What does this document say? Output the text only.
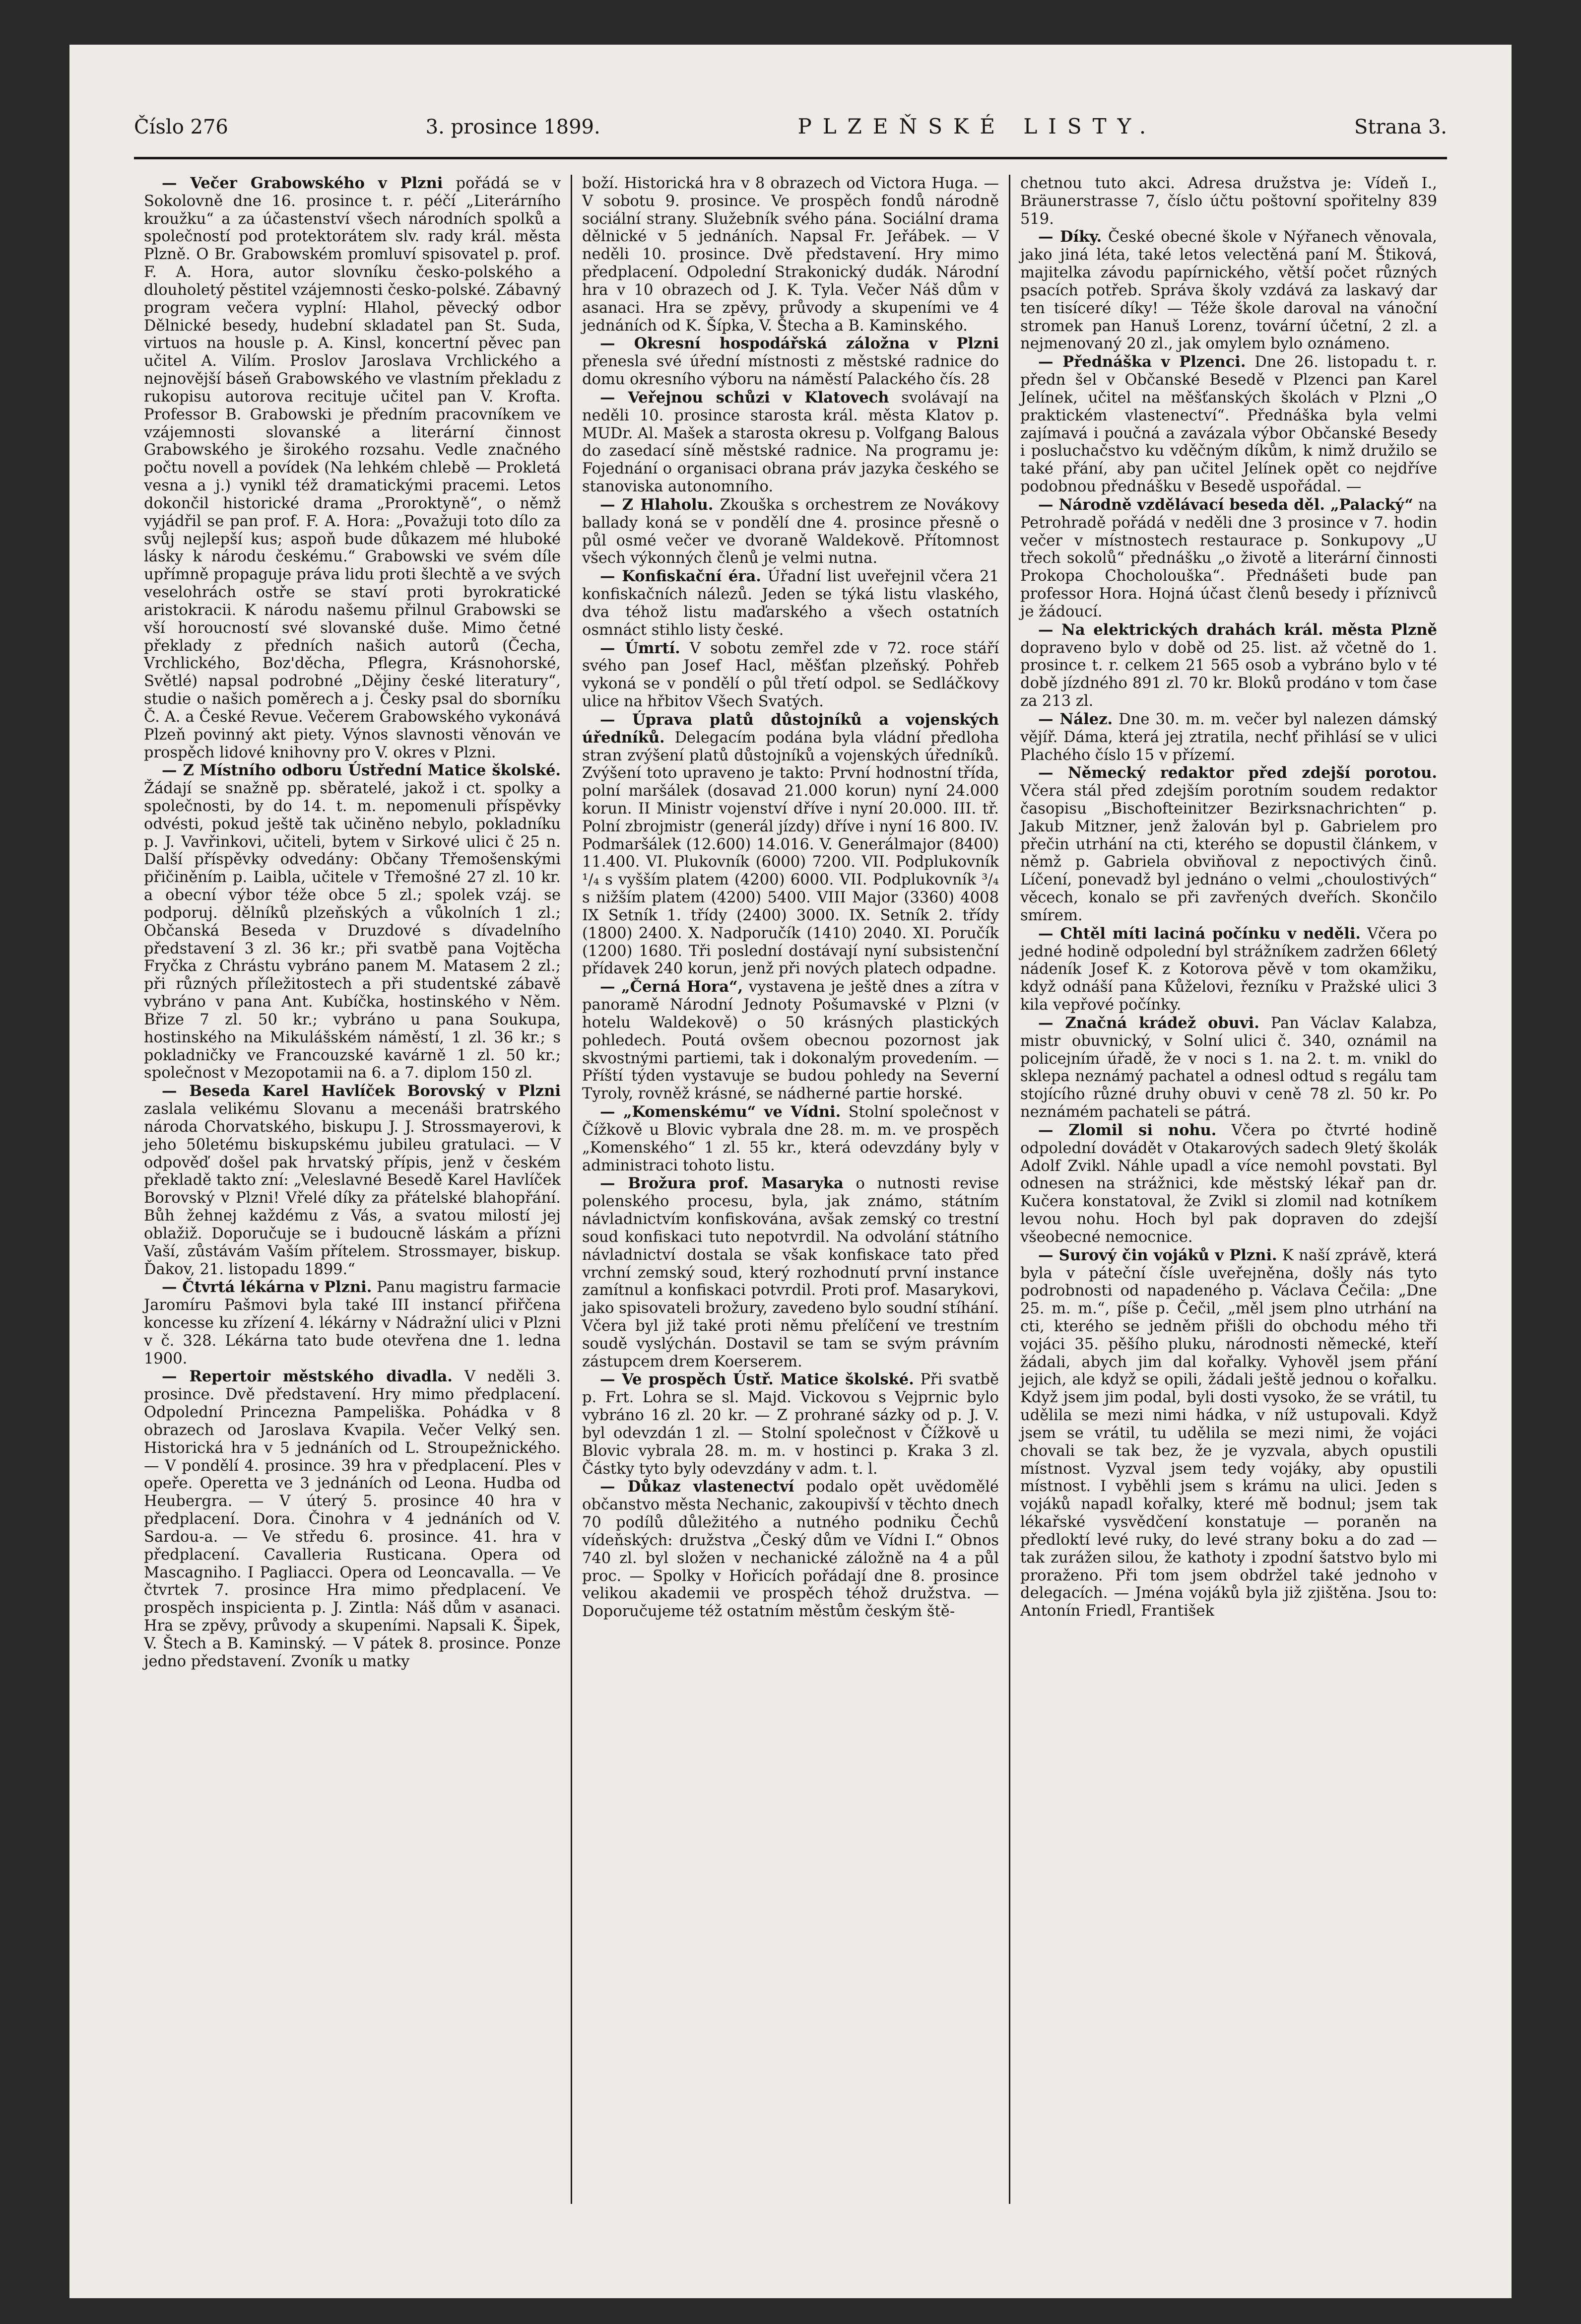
Číslo 276	3. prosince 1899.	PLZEŇSKÉ LISTY.	Strana 3.

— Večer Grabowského v Plzni pořádá se v Sokolovně dne 16. prosince t. r. péčí „Literárního kroužku“ a za účastenství všech národních spolků a společností pod protektorátem slv. rady král. města Plzně. O Br. Grabowském promluví spisovatel p. prof. F. A. Hora, autor slovníku česko-polského a dlouholetý pěstitel vzájemnosti česko-polské. Zábavný program večera vyplní: Hlahol, pěvecký odbor Dělnické besedy, hudební skladatel pan St. Suda, virtuos na housle p. A. Kinsl, koncertní pěvec pan učitel A. Vilím. Proslov Jaroslava Vrchlického a nejnovější báseň Grabowského ve vlastním překladu z rukopisu autorova recituje učitel pan V. Krofta. Professor B. Grabowski je předním pracovníkem ve vzájemnosti slovanské a literární činnost Grabowského je širokého rozsahu. Vedle značného počtu novell a povídek (Na lehkém chlebě — Prokletá vesna a j.) vynikl též dramatickými pracemi. Letos dokončil historické drama „Proroktyně“, o němž vyjádřil se pan prof. F. A. Hora: „Považuji toto dílo za svůj nejlepší kus; aspoň bude důkazem mé hluboké lásky k národu českému.“ Grabowski ve svém díle upřímně propaguje práva lidu proti šlechtě a ve svých veselohrách ostře se staví proti byrokratické aristokracii. K národu našemu přilnul Grabowski se vší horoucností své slovanské duše. Mimo četné překlady z předních našich autorů (Čecha, Vrchlického, Boz'děcha, Pflegra, Krásnohorské, Světlé) napsal podrobné „Dějiny české literatury“, studie o našich poměrech a j. Česky psal do sborníku Č. A. a České Revue. Večerem Grabowského vykonává Plzeň povinný akt piety. Výnos slavnosti věnován ve prospěch lidové knihovny pro V. okres v Plzni.

— Z Místního odboru Ústřední Matice školské. Žádají se snažně pp. sběratelé, jakož i ct. spolky a společnosti, by do 14. t. m. nepomenuli příspěvky odvésti, pokud ještě tak učiněno nebylo, pokladníku p. J. Vavřinkovi, učiteli, bytem v Sirkové ulici č 25 n. Další příspěvky odvedány: Občany Třemošenskými přičiněním p. Laibla, učitele v Třemošné 27 zl. 10 kr. a obecní výbor téže obce 5 zl.; spolek vzáj. se podporuj. dělníků plzeňských a vůkolních 1 zl.; Občanská Beseda v Druzdové s dívadelního představení 3 zl. 36 kr.; při svatbě pana Vojtěcha Fryčka z Chrástu vybráno panem M. Matasem 2 zl.; při různých příležitostech a při studentské zábavě vybráno v pana Ant. Kubíčka, hostinského v Něm. Břize 7 zl. 50 kr.; vybráno u pana Soukupa, hostinského na Mikulášském náměstí, 1 zl. 36 kr.; s pokladničky ve Francouzské kavárně 1 zl. 50 kr.; společnost v Mezopotamii na 6. a 7. diplom 150 zl.

— Beseda Karel Havlíček Borovský v Plzni zaslala velikému Slovanu a mecenáši bratrského národa Chorvatského, biskupu J. J. Strossmayerovi, k jeho 50letému biskupskému jubileu gratulaci. — V odpověď došel pak hrvatský přípis, jenž v českém překladě takto zní: „Veleslavné Besedě Karel Havlíček Borovský v Plzni! Vřelé díky za přátelské blahopřání. Bůh žehnej každému z Vás, a svatou milostí jej oblažiž. Doporučuje se i budoucně láskám a přízni Vaší, zůstávám Vaším přítelem. Strossmayer, biskup. Ďakov, 21. listopadu 1899.“

— Čtvrtá lékárna v Plzni. Panu magistru farmacie Jaromíru Pašmovi byla také III instancí přiřčena koncesse ku zřízení 4. lékárny v Nádražní ulici v Plzni v č. 328. Lékárna tato bude otevřena dne 1. ledna 1900.

— Repertoir městského divadla. V neděli 3. prosince. Dvě představení. Hry mimo předplacení. Odpolední Princezna Pampeliška. Pohádka v 8 obrazech od Jaroslava Kvapila. Večer Velký sen. Historická hra v 5 jednáních od L. Stroupežnického. — V pondělí 4. prosince. 39 hra v předplacení. Ples v opeře. Operetta ve 3 jednáních od Leona. Hudba od Heubergra. — V úterý 5. prosince 40 hra v předplacení. Dora. Činohra v 4 jednáních od V. Sardou-a. — Ve středu 6. prosince. 41. hra v předplacení. Cavalleria Rusticana. Opera od Mascagniho. I Pagliacci. Opera od Leoncavalla. — Ve čtvrtek 7. prosince Hra mimo předplacení. Ve prospěch inspicienta p. J. Zintla: Náš dům v asanaci. Hra se zpěvy, průvody a skupeními. Napsali K. Šipek, V. Štech a B. Kaminský. — V pátek 8. prosince. Ponze jedno představení. Zvoník u matky

boží. Historická hra v 8 obrazech od Victora Huga. — V sobotu 9. prosince. Ve prospěch fondů národně sociální strany. Služebník svého pána. Sociální drama dělnické v 5 jednáních. Napsal Fr. Jeřábek. — V neděli 10. prosince. Dvě představení. Hry mimo předplacení. Odpolední Strakonický dudák. Národní hra v 10 obrazech od J. K. Tyla. Večer Náš dům v asanaci. Hra se zpěvy, průvody a skupeními ve 4 jednáních od K. Šípka, V. Štecha a B. Kaminského.

— Okresní hospodářská záložna v Plzni přenesla své úřední místnosti z městské radnice do domu okresního výboru na náměstí Palackého čís. 28

— Veřejnou schůzi v Klatovech svolávají na neděli 10. prosince starosta král. města Klatov p. MUDr. Al. Mašek a starosta okresu p. Volfgang Balous do zasedací síně městské radnice. Na programu je: Fojednání o organisaci obrana práv jazyka českého se stanoviska autonomního.

— Z Hlaholu. Zkouška s orchestrem ze Novákovy ballady koná se v pondělí dne 4. prosince přesně o půl osmé večer ve dvoraně Waldekově. Přítomnost všech výkonných členů je velmi nutna.

— Konfiskační éra. Úřadní list uveřejnil včera 21 konfiskačních nálezů. Jeden se týká listu vlaského, dva téhož listu maďarského a všech ostatních osmnáct stihlo listy české.

— Úmrtí. V sobotu zemřel zde v 72. roce stáří svého pan Josef Hacl, měšťan plzeňský. Pohřeb vykoná se v pondělí o půl třetí odpol. se Sedláčkovy ulice na hřbitov Všech Svatých.

— Úprava platů důstojníků a vojenských úředníků. Delegacím podána byla vládní předloha stran zvýšení platů důstojníků a vojenských úředníků. Zvýšení toto upraveno je takto: První hodnostní třída, polní maršálek (dosavad 21.000 korun) nyní 24.000 korun. II Ministr vojenství dříve i nyní 20.000. III. tř. Polní zbrojmistr (generál jízdy) dříve i nyní 16 800. IV. Podmaršálek (12.600) 14.016. V. Generálmajor (8400) 11.400. VI. Plukovník (6000) 7200. VII. Podplukovník ¹/₄ s vyšším platem (4200) 6000. VII. Podplukovník ³/₄ s nižším platem (4200) 5400. VIII Major (3360) 4008 IX Setník 1. třídy (2400) 3000. IX. Setník 2. třídy (1800) 2400. X. Nadporučík (1410) 2040. XI. Poručík (1200) 1680. Tři poslední dostávají nyní subsistenční přídavek 240 korun, jenž při nových platech odpadne.

— „Černá Hora“, vystavena je ještě dnes a zítra v panoramě Národní Jednoty Pošumavské v Plzni (v hotelu Waldekově) o 50 krásných plastických pohledech. Poutá ovšem obecnou pozornost jak skvostnými partiemi, tak i dokonalým provedením. — Příští týden vystavuje se budou pohledy na Severní Tyroly, rovněž krásné, se nádherné partie horské.

— „Komenskému“ ve Vídni. Stolní společnost v Čížkově u Blovic vybrala dne 28. m. m. ve prospěch „Komenského“ 1 zl. 55 kr., která odevzdány byly v administraci tohoto listu.

— Brožura prof. Masaryka o nutnosti revise polenského procesu, byla, jak známo, státním návladnictvím konfiskována, avšak zemský co trestní soud konfiskaci tuto nepotvrdil. Na odvolání státního návladnictví dostala se však konfiskace tato před vrchní zemský soud, který rozhodnutí první instance zamítnul a konfiskaci potvrdil. Proti prof. Masarykovi, jako spisovateli brožury, zavedeno bylo soudní stíhání. Včera byl již také proti němu přelíčení ve trestním soudě vyslýchán. Dostavil se tam se svým právním zástupcem drem Koerserem.

— Ve prospěch Ústř. Matice školské. Při svatbě p. Frt. Lohra se sl. Majd. Vickovou s Vejprnic bylo vybráno 16 zl. 20 kr. — Z prohrané sázky od p. J. V. byl odevzdán 1 zl. — Stolní společnost v Čížkově u Blovic vybrala 28. m. m. v hostinci p. Kraka 3 zl. Částky tyto byly odevzdány v adm. t. l.

— Důkaz vlastenectví podalo opět uvědomělé občanstvo města Nechanic, zakoupivší v těchto dnech 70 podílů důležitého a nutného podniku Čechů vídeňských: družstva „Český dům ve Vídni I.“ Obnos 740 zl. byl složen v nechanické záložně na 4 a půl proc. — Spolky v Hořicích pořádají dne 8. prosince velikou akademii ve prospěch téhož družstva. — Doporučujeme též ostatním městům českým ště-

chetnou tuto akci. Adresa družstva je: Vídeň I., Bräunerstrasse 7, číslo účtu poštovní spořitelny 839 519.

— Díky. České obecné škole v Nýřanech věnovala, jako jiná léta, také letos velectěná paní M. Štiková, majitelka závodu papírnického, větší počet různých psacích potřeb. Správa školy vzdává za laskavý dar ten tisíceré díky! — Téže škole daroval na vánoční stromek pan Hanuš Lorenz, tovární účetní, 2 zl. a nejmenovaný 20 zl., jak omylem bylo oznámeno.

— Přednáška v Plzenci. Dne 26. listopadu t. r. předn šel v Občanské Besedě v Plzenci pan Karel Jelínek, učitel na měšťanských školách v Plzni „O praktickém vlastenectví“. Přednáška byla velmi zajímavá i poučná a zavázala výbor Občanské Besedy i posluchačstvo ku vděčným díkům, k nimž družilo se také přání, aby pan učitel Jelínek opět co nejdříve podobnou přednášku v Besedě uspořádal. —

— Národně vzdělávací beseda děl. „Palacký“ na Petrohradě pořádá v neděli dne 3 prosince v 7. hodin večer v místnostech restaurace p. Sonkupovy „U třech sokolů“ přednášku „o životě a literární činnosti Prokopa Chocholouška“. Přednášeti bude pan professor Hora. Hojná účast členů besedy i příznivců je žádoucí.

— Na elektrických drahách král. města Plzně dopraveno bylo v době od 25. list. až včetně do 1. prosince t. r. celkem 21 565 osob a vybráno bylo v té době jízdného 891 zl. 70 kr. Bloků prodáno v tom čase za 213 zl.

— Nález. Dne 30. m. m. večer byl nalezen dámský vějíř. Dáma, která jej ztratila, nechť přihlásí se v ulici Plachého číslo 15 v přízemí.

— Německý redaktor před zdejší porotou. Včera stál před zdejším porotním soudem redaktor časopisu „Bischofteinitzer Bezirksnachrichten“ p. Jakub Mitzner, jenž žalován byl p. Gabrielem pro přečin utrhání na cti, kterého se dopustil článkem, v němž p. Gabriela obviňoval z nepoctivých činů. Líčení, ponevadž byl jednáno o velmi „choulostivých“ věcech, konalo se při zavřených dveřích. Skončilo smírem.

— Chtěl míti laciná počínku v neděli. Včera po jedné hodině odpolední byl strážníkem zadržen 66letý nádeník Josef K. z Kotorova pěvě v tom okamžiku, když odnáší pana Kůželovi, řezníku v Pražské ulici 3 kila vepřové počínky.

— Značná krádež obuvi. Pan Václav Kalabza, mistr obuvnický, v Solní ulici č. 340, oznámil na policejním úřadě, že v noci s 1. na 2. t. m. vnikl do sklepa neznámý pachatel a odnesl odtud s regálu tam stojícího různé druhy obuvi v ceně 78 zl. 50 kr. Po neznámém pachateli se pátrá.

— Zlomil si nohu. Včera po čtvrté hodině odpolední dovádět v Otakarových sadech 9letý školák Adolf Zvikl. Náhle upadl a více nemohl povstati. Byl odnesen na strážnici, kde městský lékař pan dr. Kučera konstatoval, že Zvikl si zlomil nad kotníkem levou nohu. Hoch byl pak dopraven do zdejší všeobecné nemocnice.

— Surový čin vojáků v Plzni. K naší zprávě, která byla v páteční čísle uveřejněna, došly nás tyto podrobnosti od napadeného p. Václava Čečila: „Dne 25. m. m.“, píše p. Čečil, „měl jsem plno utrhání na cti, kterého se jedněm přišli do obchodu mého tři vojáci 35. pěšího pluku, národnosti německé, kteří žádali, abych jim dal kořalky. Vyhověl jsem přání jejich, ale když se opili, žádali ještě jednou o kořalku. Když jsem jim podal, byli dosti vysoko, že se vrátil, tu udělila se mezi nimi hádka, v níž ustupovali. Když jsem se vrátil, tu udělila se mezi nimi, že vojáci chovali se tak bez, že je vyzvala, abych opustili místnost. Vyzval jsem tedy vojáky, aby opustili místnost. I vyběhli jsem s krámu na ulici. Jeden s vojáků napadl kořalky, které mě bodnul; jsem tak lékařské vysvědčení konstatuje — poraněn na předloktí levé ruky, do levé strany boku a do zad — tak zurážen silou, že kathoty i zpodní šatstvo bylo mi proraženo. Při tom jsem obdržel také jednoho v delegacích. — Jména vojáků byla již zjištěna. Jsou to: Antonín Friedl, František
